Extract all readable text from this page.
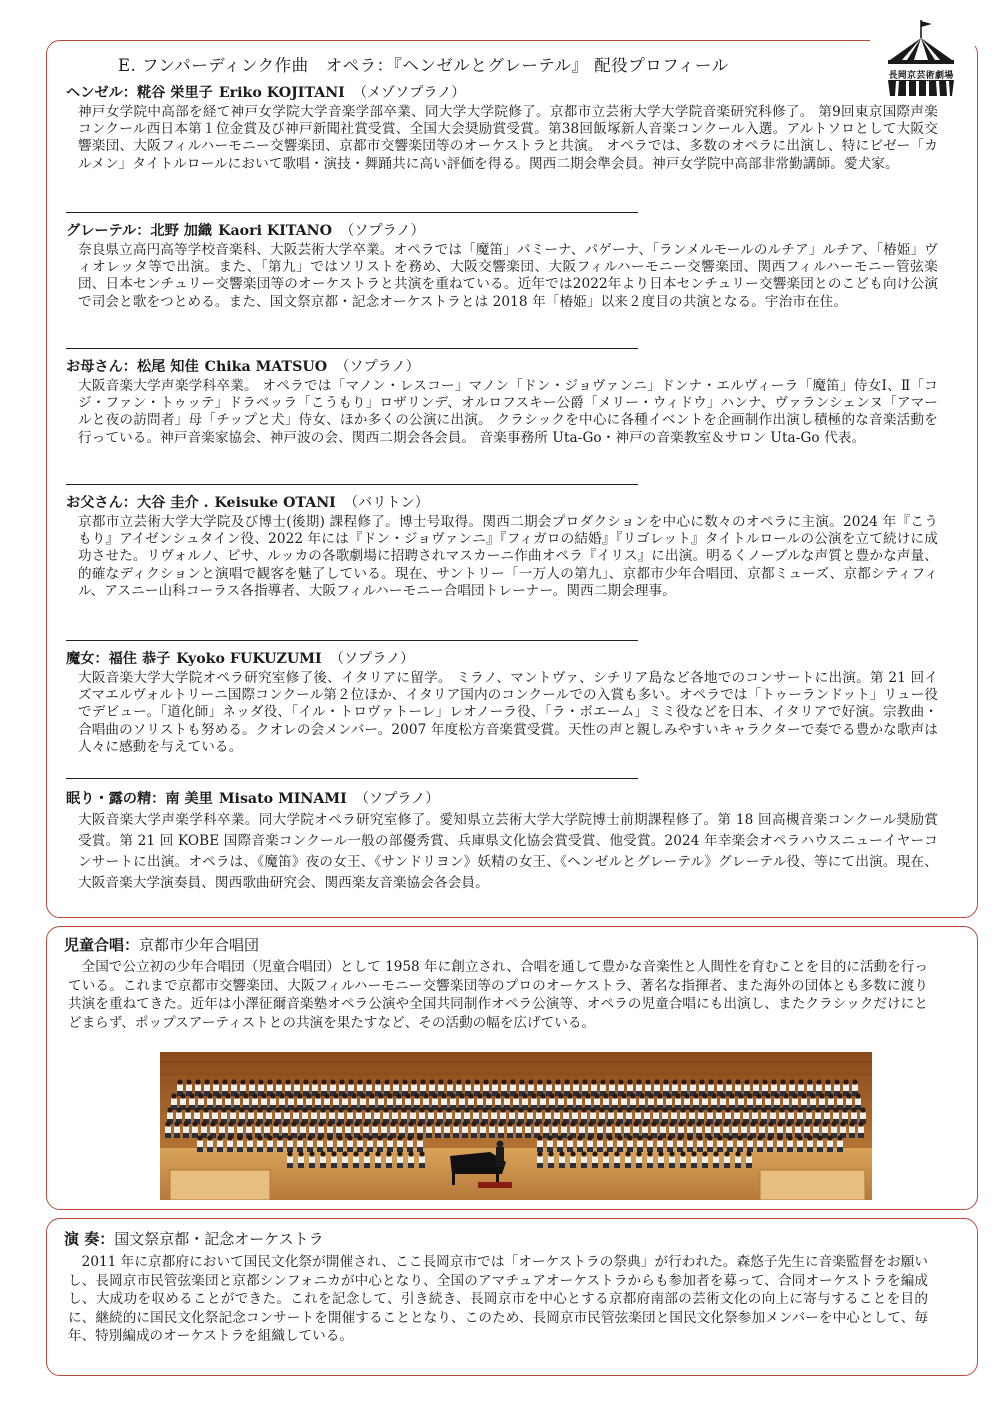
長岡京芸術劇場
E. フンパーディンク作曲　オペラ：『ヘンゼルとグレーテル』 配役プロフィール
ヘンゼル：糀谷 栄里子 Eriko KOJITANI （メゾソプラノ）
神戸女学院中高部を経て神戸女学院大学音楽学部卒業、同大学大学院修了。京都市立芸術大学大学院音楽研究科修了。 第9回東京国際声楽コンクール西日本第１位金賞及び神戸新聞社賞受賞、全国大会奨励賞受賞。第38回飯塚新人音楽コンクール入選。アルトソロとして大阪交響楽団、大阪フィルハーモニー交響楽団、京都市交響楽団等のオーケストラと共演。 オペラでは、多数のオペラに出演し、特にビゼー「カルメン」タイトルロールにおいて歌唱・演技・舞踊共に高い評価を得る。関西二期会準会員。神戸女学院中高部非常勤講師。愛犬家。
グレーテル：北野 加織 Kaori KITANO （ソプラノ）
奈良県立高円高等学校音楽科、大阪芸術大学卒業。オペラでは「魔笛」パミーナ、パゲーナ、「ランメルモールのルチア」ルチア、「椿姫」ヴィオレッタ等で出演。また、「第九」ではソリストを務め、大阪交響楽団、大阪フィルハーモニー交響楽団、関西フィルハーモニー管弦楽団、日本センチュリー交響楽団等のオーケストラと共演を重ねている。近年では2022年より日本センチュリー交響楽団とのこども向け公演で司会と歌をつとめる。また、国文祭京都・記念オーケストラとは 2018 年「椿姫」以来２度目の共演となる。宇治市在住。
お母さん：松尾 知佳 Chika MATSUO （ソプラノ）
大阪音楽大学声楽学科卒業。 オペラでは「マノン・レスコー」マノン「ドン・ジョヴァンニ」ドンナ・エルヴィーラ「魔笛」侍女Ⅰ、Ⅱ「コジ・ファン・トゥッテ」ドラベッラ「こうもり」ロザリンデ、オルロフスキー公爵「メリー・ウィドウ」ハンナ、ヴァランシェンヌ「アマールと夜の訪問者」母「チップと犬」侍女、ほか多くの公演に出演。 クラシックを中心に各種イベントを企画制作出演し積極的な音楽活動を行っている。神戸音楽家協会、神戸波の会、関西二期会各会員。 音楽事務所 Uta-Go・神戸の音楽教室＆サロン Uta-Go 代表。
お父さん：大谷 圭介 . Keisuke OTANI （バリトン）
京都市立芸術大学大学院及び博士(後期) 課程修了。博士号取得。関西二期会プロダクションを中心に数々のオペラに主演。2024 年『こうもり』アイゼンシュタイン役、2022 年には『ドン・ジョヴァンニ』『フィガロの結婚』『リゴレット』タイトルロールの公演を立て続けに成功させた。リヴォルノ、ピサ、ルッカの各歌劇場に招聘されマスカーニ作曲オペラ『イリス』に出演。明るくノーブルな声質と豊かな声量、的確なディクションと演唱で観客を魅了している。現在、サントリー「一万人の第九」、京都市少年合唱団、京都ミューズ、京都シティフィル、アスニー山科コーラス各指導者、大阪フィルハーモニー合唱団トレーナー。関西二期会理事。
魔女：福住 恭子 Kyoko FUKUZUMI （ソプラノ）
大阪音楽大学大学院オペラ研究室修了後、イタリアに留学。 ミラノ、マントヴァ、シチリア島など各地でのコンサートに出演。第 21 回イズマエルヴォルトリーニ国際コンクール第２位ほか、イタリア国内のコンクールでの入賞も多い。オペラでは「トゥーランドット」リュー役でデビュー。「道化師」ネッダ役、「イル・トロヴァトーレ」レオノーラ役、「ラ・ボエーム」ミミ役などを日本、イタリアで好演。宗教曲・合唱曲のソリストも努める。クオレの会メンバー。2007 年度松方音楽賞受賞。天性の声と親しみやすいキャラクターで奏でる豊かな歌声は人々に感動を与えている。
眠り・露の精：南 美里 Misato MINAMI （ソプラノ）
大阪音楽大学声楽学科卒業。同大学院オペラ研究室修了。愛知県立芸術大学大学院博士前期課程修了。第 18 回高槻音楽コンクール奨励賞受賞。第 21 回 KOBE 国際音楽コンクール一般の部優秀賞、兵庫県文化協会賞受賞、他受賞。2024 年幸楽会オペラハウスニューイヤーコンサートに出演。オペラは、《魔笛》夜の女王、《サンドリヨン》妖精の女王、《ヘンゼルとグレーテル》グレーテル役、等にて出演。現在、大阪音楽大学演奏員、関西歌曲研究会、関西楽友音楽協会各会員。
児童合唱：京都市少年合唱団
　全国で公立初の少年合唱団（児童合唱団）として 1958 年に創立され、合唱を通して豊かな音楽性と人間性を育むことを目的に活動を行っている。これまで京都市交響楽団、大阪フィルハーモニー交響楽団等のプロのオーケストラ、著名な指揮者、また海外の団体とも多数に渡り共演を重ねてきた。近年は小澤征爾音楽塾オペラ公演や全国共同制作オペラ公演等、オペラの児童合唱にも出演し、またクラシックだけにとどまらず、ポップスアーティストとの共演を果たすなど、その活動の幅を広げている。
演 奏：国文祭京都・記念オーケストラ
　2011 年に京都府において国民文化祭が開催され、ここ長岡京市では「オーケストラの祭典」が行われた。森悠子先生に音楽監督をお願いし、長岡京市民管弦楽団と京都シンフォニカが中心となり、全国のアマチュアオーケストラからも参加者を募って、合同オーケストラを編成し、大成功を収めることができた。これを記念して、引き続き、長岡京市を中心とする京都府南部の芸術文化の向上に寄与することを目的に、継続的に国民文化祭記念コンサートを開催することとなり、このため、長岡京市民管弦楽団と国民文化祭参加メンバーを中心として、毎年、特別編成のオーケストラを組織している。
